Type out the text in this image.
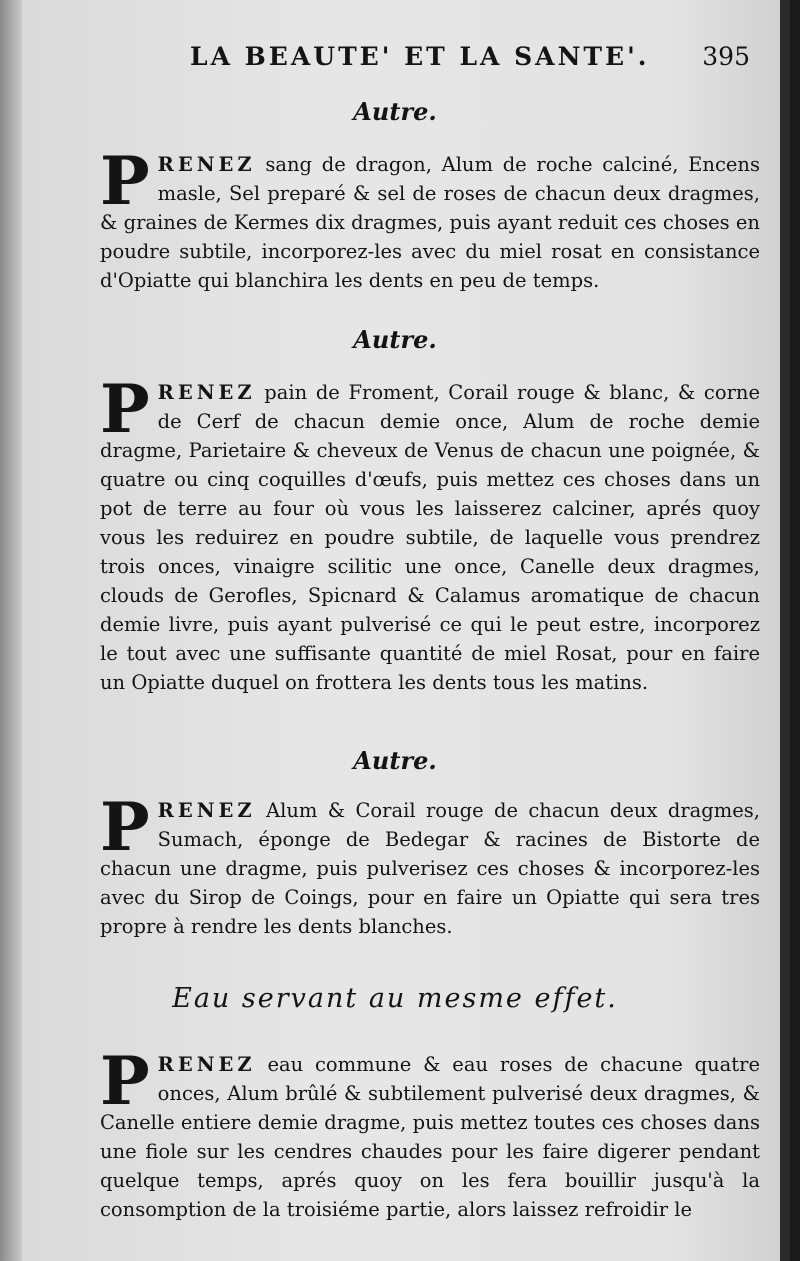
LA BEAUTE' ET LA SANTE'. 395
Autre.

PRENEZ sang de dragon, Alum de roche calciné, Encens masle, Sel preparé & sel de roses de chacun deux dragmes, & graines de Kermes dix dragmes, puis ayant reduit ces choses en poudre subtile, incorporez-les avec du miel rosat en consistance d'Opiatte qui blanchira les dents en peu de temps.

Autre.

PRENEZ pain de Froment, Corail rouge & blanc, & corne de Cerf de chacun demie once, Alum de roche demie dragme, Parietaire & cheveux de Venus de chacun une poignée, & quatre ou cinq coquilles d'œufs, puis mettez ces choses dans un pot de terre au four où vous les laisserez calciner, aprés quoy vous les reduirez en poudre subtile, de laquelle vous prendrez trois onces, vinaigre scilitic une once, Canelle deux dragmes, clouds de Gerofles, Spicnard & Calamus aromatique de chacun demie livre, puis ayant pulverisé ce qui le peut estre, incorporez le tout avec une suffisante quantité de miel Rosat, pour en faire un Opiatte duquel on frottera les dents tous les matins.

Autre.

PRENEZ Alum & Corail rouge de chacun deux dragmes, Sumach, éponge de Bedegar & racines de Bistorte de chacun une dragme, puis pulverisez ces choses & incorporez-les avec du Sirop de Coings, pour en faire un Opiatte qui sera tres propre à rendre les dents blanches.

Eau servant au mesme effet.

PRENEZ eau commune & eau roses de chacune quatre onces, Alum brûlé & subtilement pulverisé deux dragmes, & Canelle entiere demie dragme, puis mettez toutes ces choses dans une fiole sur les cendres chaudes pour les faire digerer pendant quelque temps, aprés quoy on les fera bouillir jusqu'à la consomption de la troisiéme partie, alors laissez refroidir le
